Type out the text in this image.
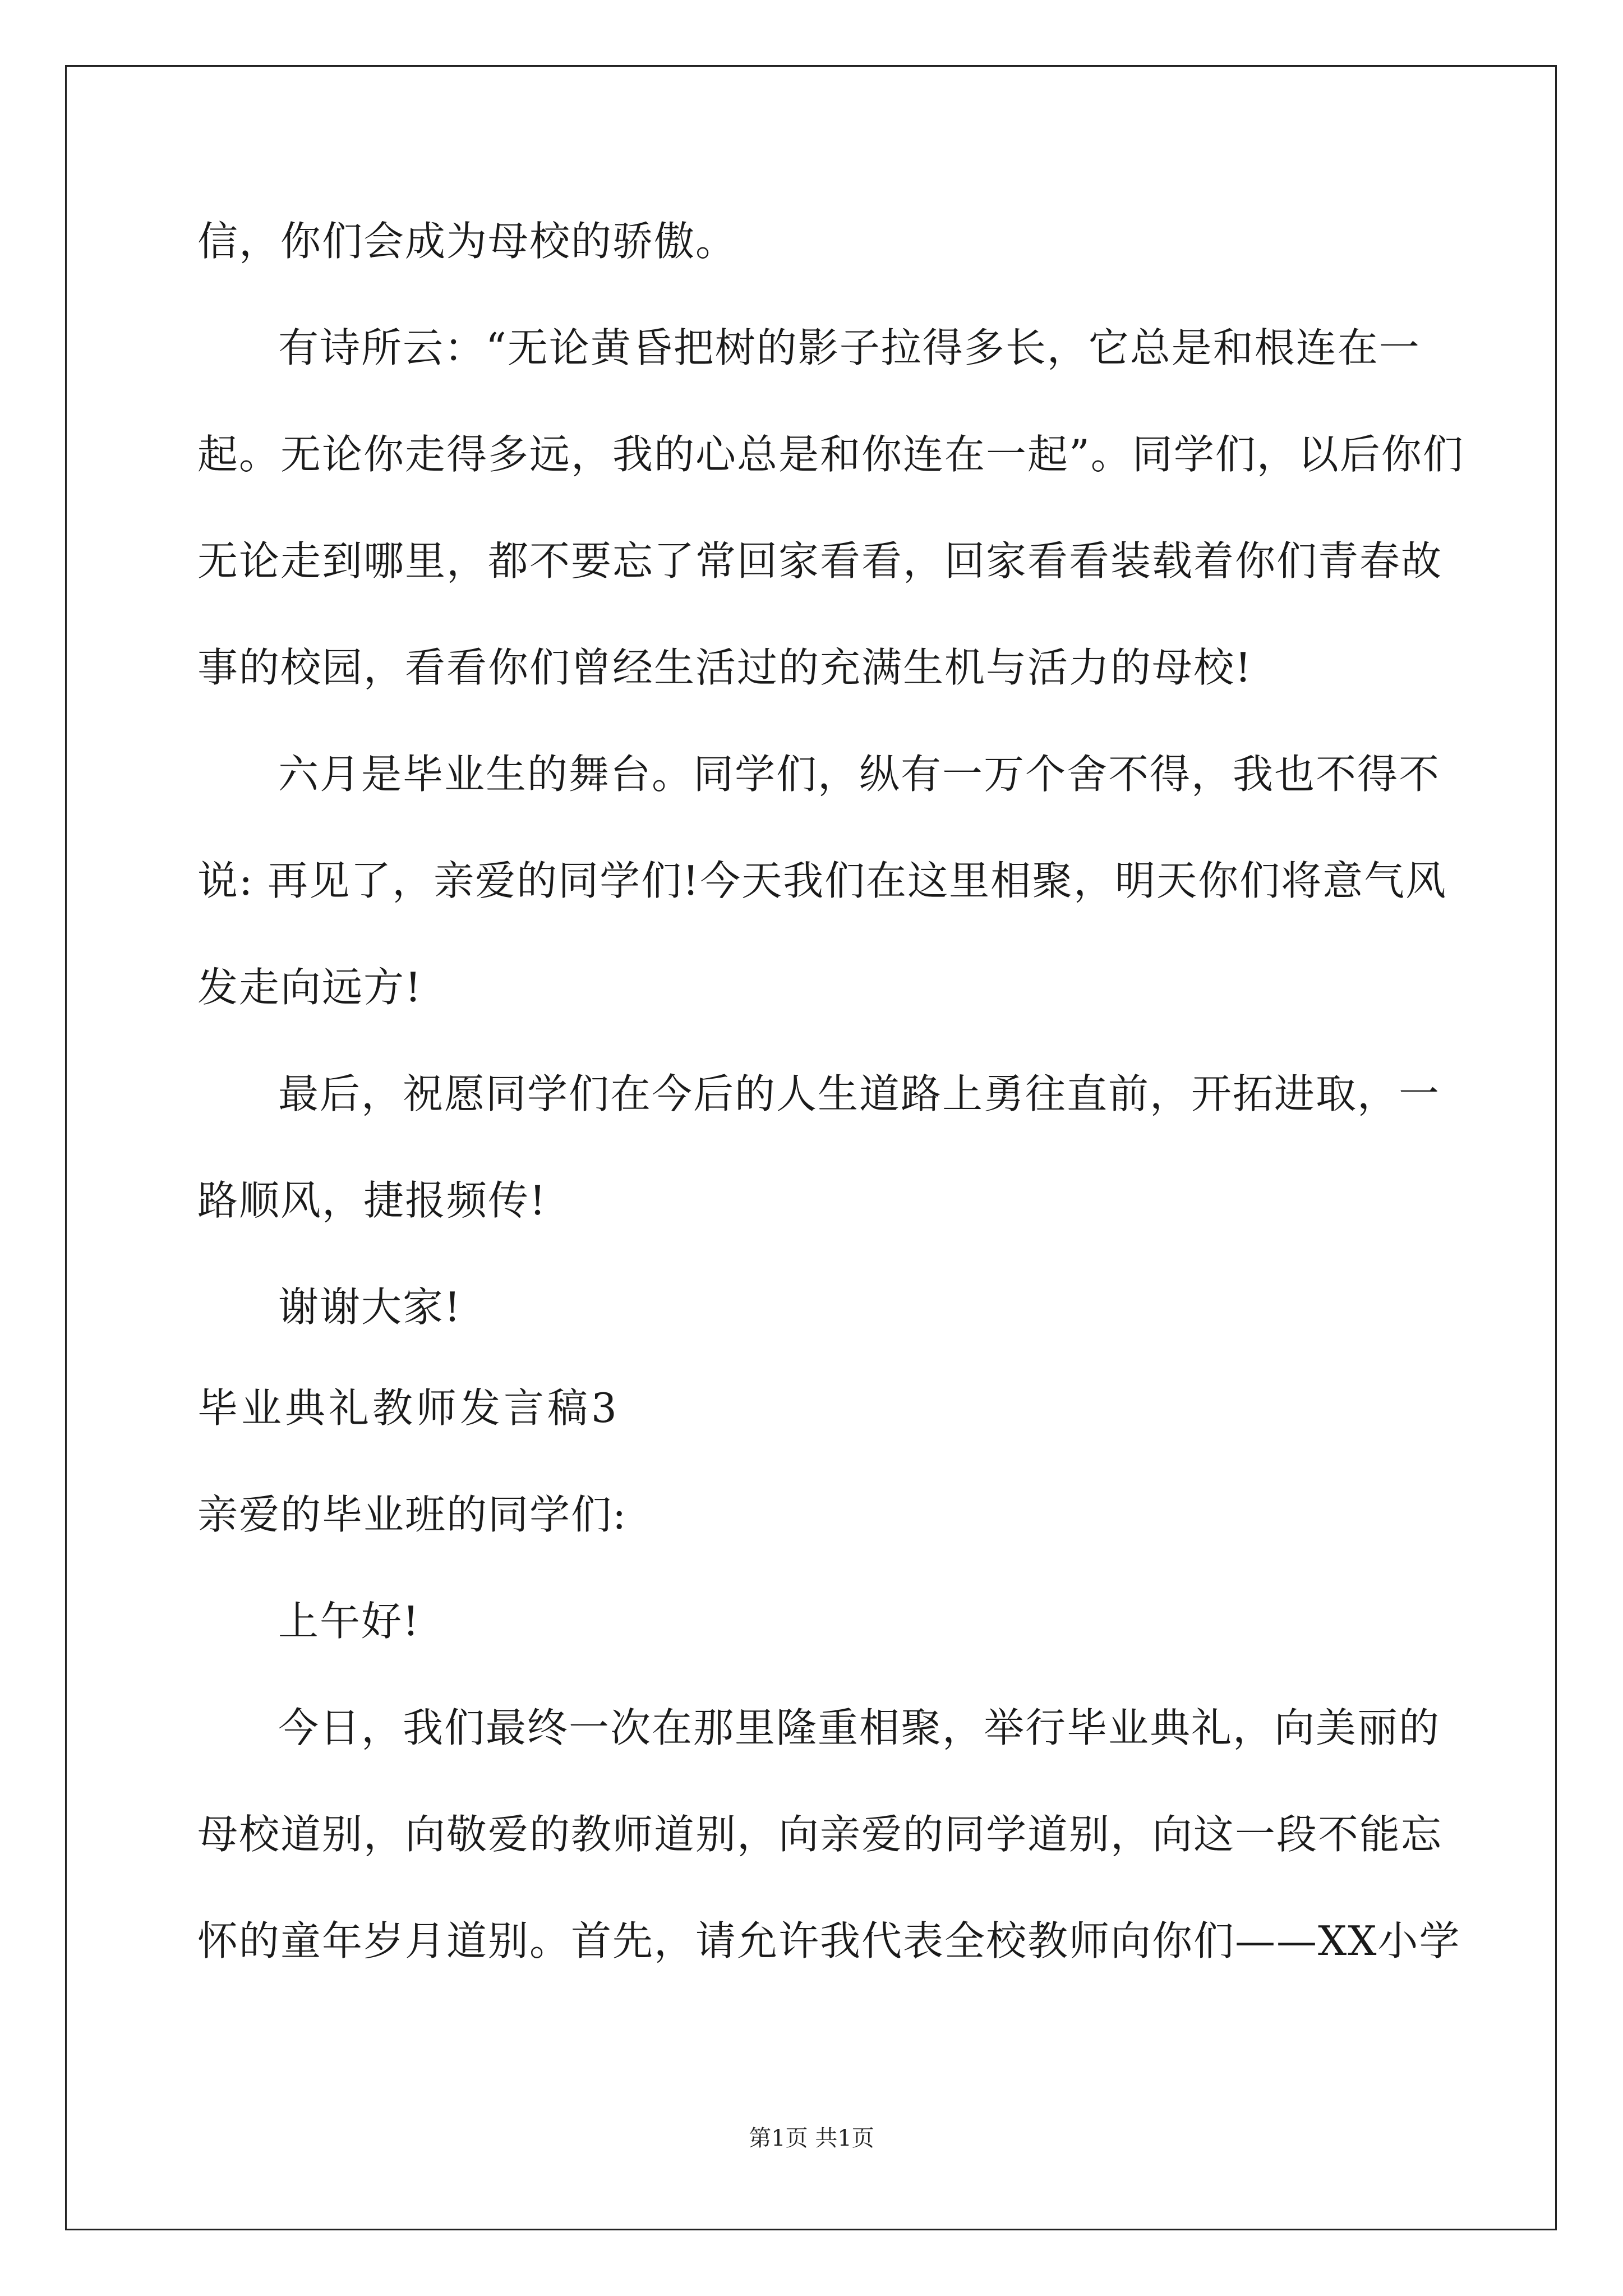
信，你们会成为母校的骄傲。
有诗所云：“无论黄昏把树的影子拉得多长，它总是和根连在一
起。无论你走得多远，我的心总是和你连在一起”。同学们，以后你们
无论走到哪里，都不要忘了常回家看看，回家看看装载着你们青春故
事的校园，看看你们曾经生活过的充满生机与活力的母校!
六月是毕业生的舞台。同学们，纵有一万个舍不得，我也不得不
说: 再见了，亲爱的同学们!今天我们在这里相聚，明天你们将意气风
发走向远方!
最后，祝愿同学们在今后的人生道路上勇往直前，开拓进取，一
路顺风，捷报频传!
谢谢大家!
毕业典礼教师发言稿3
亲爱的毕业班的同学们:
上午好!
今日，我们最终一次在那里隆重相聚，举行毕业典礼，向美丽的
母校道别，向敬爱的教师道别，向亲爱的同学道别，向这一段不能忘
怀的童年岁月道别。首先，请允许我代表全校教师向你们——XX小学
第1页 共1页
